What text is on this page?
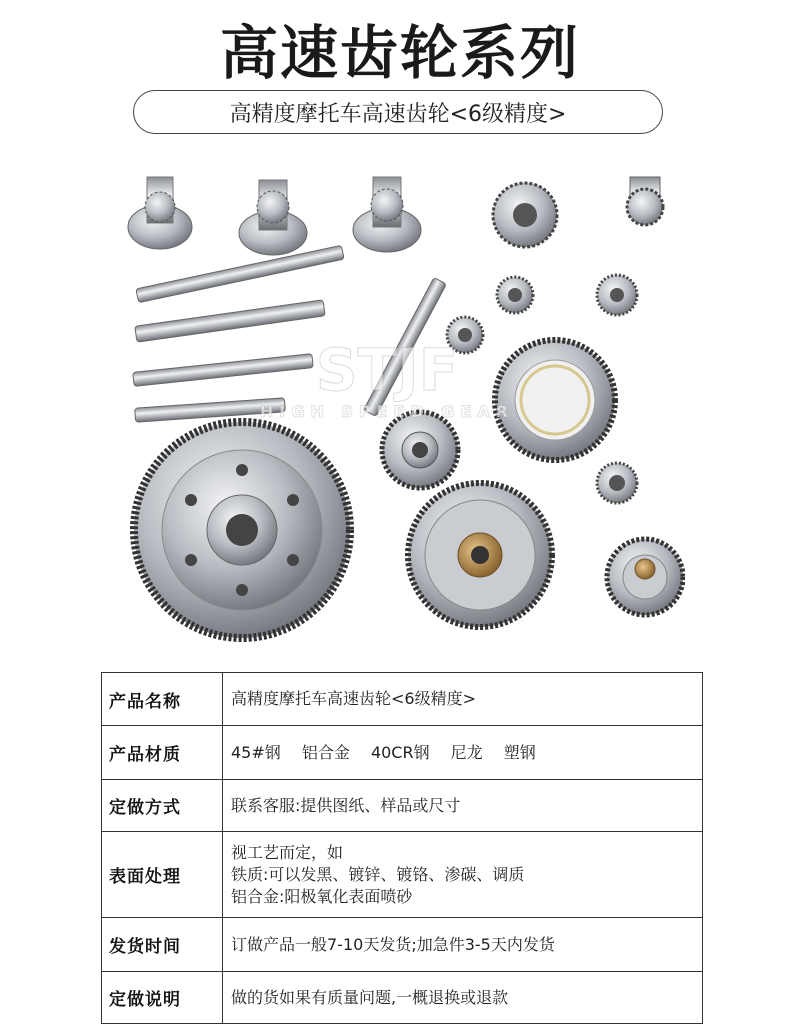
高速齿轮系列
高精度摩托车高速齿轮<6级精度>
STJF
HIGH SPEED GEAR
产品名称	高精度摩托车高速齿轮<6级精度>
产品材质	45#钢　 铝合金　 40CR钢　 尼龙　 塑钢
定做方式	联系客服:提供图纸、样品或尺寸
表面处理	视工艺而定，如
铁质:可以发黑、镀锌、镀铬、渗碳、调质
铝合金:阳极氧化表面喷砂

发货时间	订做产品一般7-10天发货;加急件3-5天内发货
定做说明	做的货如果有质量问题,一概退换或退款
